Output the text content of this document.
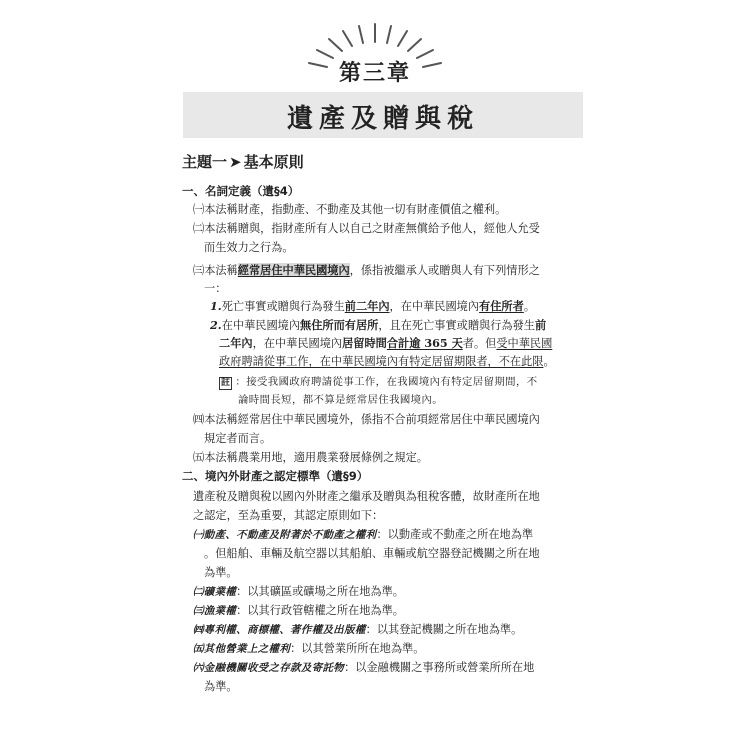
第三章
遺產及贈與稅
主題一 ➤ 基本原則
一、名詞定義（遺§4）
㈠本法稱財產，指動產、不動產及其他一切有財產價值之權利。
㈡本法稱贈與，指財產所有人以自己之財產無償給予他人，經他人允受
而生效力之行為。
㈢本法稱經常居住中華民國境內，係指被繼承人或贈與人有下列情形之
一：
1.死亡事實或贈與行為發生前二年內，在中華民國境內有住所者。
2.在中華民國境內無住所而有居所，且在死亡事實或贈與行為發生前
二年內，在中華民國境內居留時間合計逾 365 天者。但受中華民國
政府聘請從事工作，在中華民國境內有特定居留期限者，不在此限。
註 ：接受我國政府聘請從事工作，在我國境內有特定居留期間，不
論時間長短，都不算是經常居住我國境內。
㈣本法稱經常居住中華民國境外，係指不合前項經常居住中華民國境內
規定者而言。
㈤本法稱農業用地，適用農業發展條例之規定。
二、境內外財產之認定標準（遺§9）
遺產稅及贈與稅以國內外財產之繼承及贈與為租稅客體，故財產所在地
之認定，至為重要，其認定原則如下：
㈠動產、不動產及附著於不動產之權利：以動產或不動產之所在地為準
。但船舶、車輛及航空器以其船舶、車輛或航空器登記機關之所在地
為準。
㈡礦業權：以其礦區或礦場之所在地為準。
㈢漁業權：以其行政管轄權之所在地為準。
㈣專利權、商標權、著作權及出版權：以其登記機關之所在地為準。
㈤其他營業上之權利：以其營業所所在地為準。
㈥金融機關收受之存款及寄託物：以金融機關之事務所或營業所所在地
為準。
